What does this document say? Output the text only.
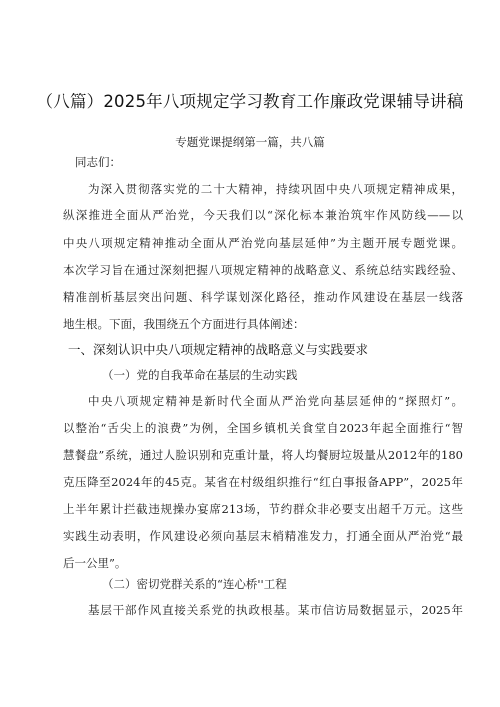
（八篇）2025年八项规定学习教育工作廉政党课辅导讲稿
专题党课提纲第一篇，共八篇
同志们：
为深入贯彻落实党的二十大精神，持续巩固中央八项规定精神成果，
纵深推进全面从严治党，今天我们以“深化标本兼治筑牢作风防线——以
中央八项规定精神推动全面从严治党向基层延伸”为主题开展专题党课。
本次学习旨在通过深刻把握八项规定精神的战略意义、系统总结实践经验、
精准剖析基层突出问题、科学谋划深化路径，推动作风建设在基层一线落
地生根。下面，我围绕五个方面进行具体阐述：
一、深刻认识中央八项规定精神的战略意义与实践要求
（一）党的自我革命在基层的生动实践
中央八项规定精神是新时代全面从严治党向基层延伸的“探照灯”。
以整治“舌尖上的浪费”为例，全国乡镇机关食堂自2023年起全面推行“智
慧餐盘”系统，通过人脸识别和克重计量，将人均餐厨垃圾量从2012年的180
克压降至2024年的45克。某省在村级组织推行“红白事报备APP”，2025年
上半年累计拦截违规操办宴席213场，节约群众非必要支出超千万元。这些
实践生动表明，作风建设必须向基层末梢精准发力，打通全面从严治党“最
后一公里”。
（二）密切党群关系的“连心桥''工程
基层干部作风直接关系党的执政根基。某市信访局数据显示，2025年
